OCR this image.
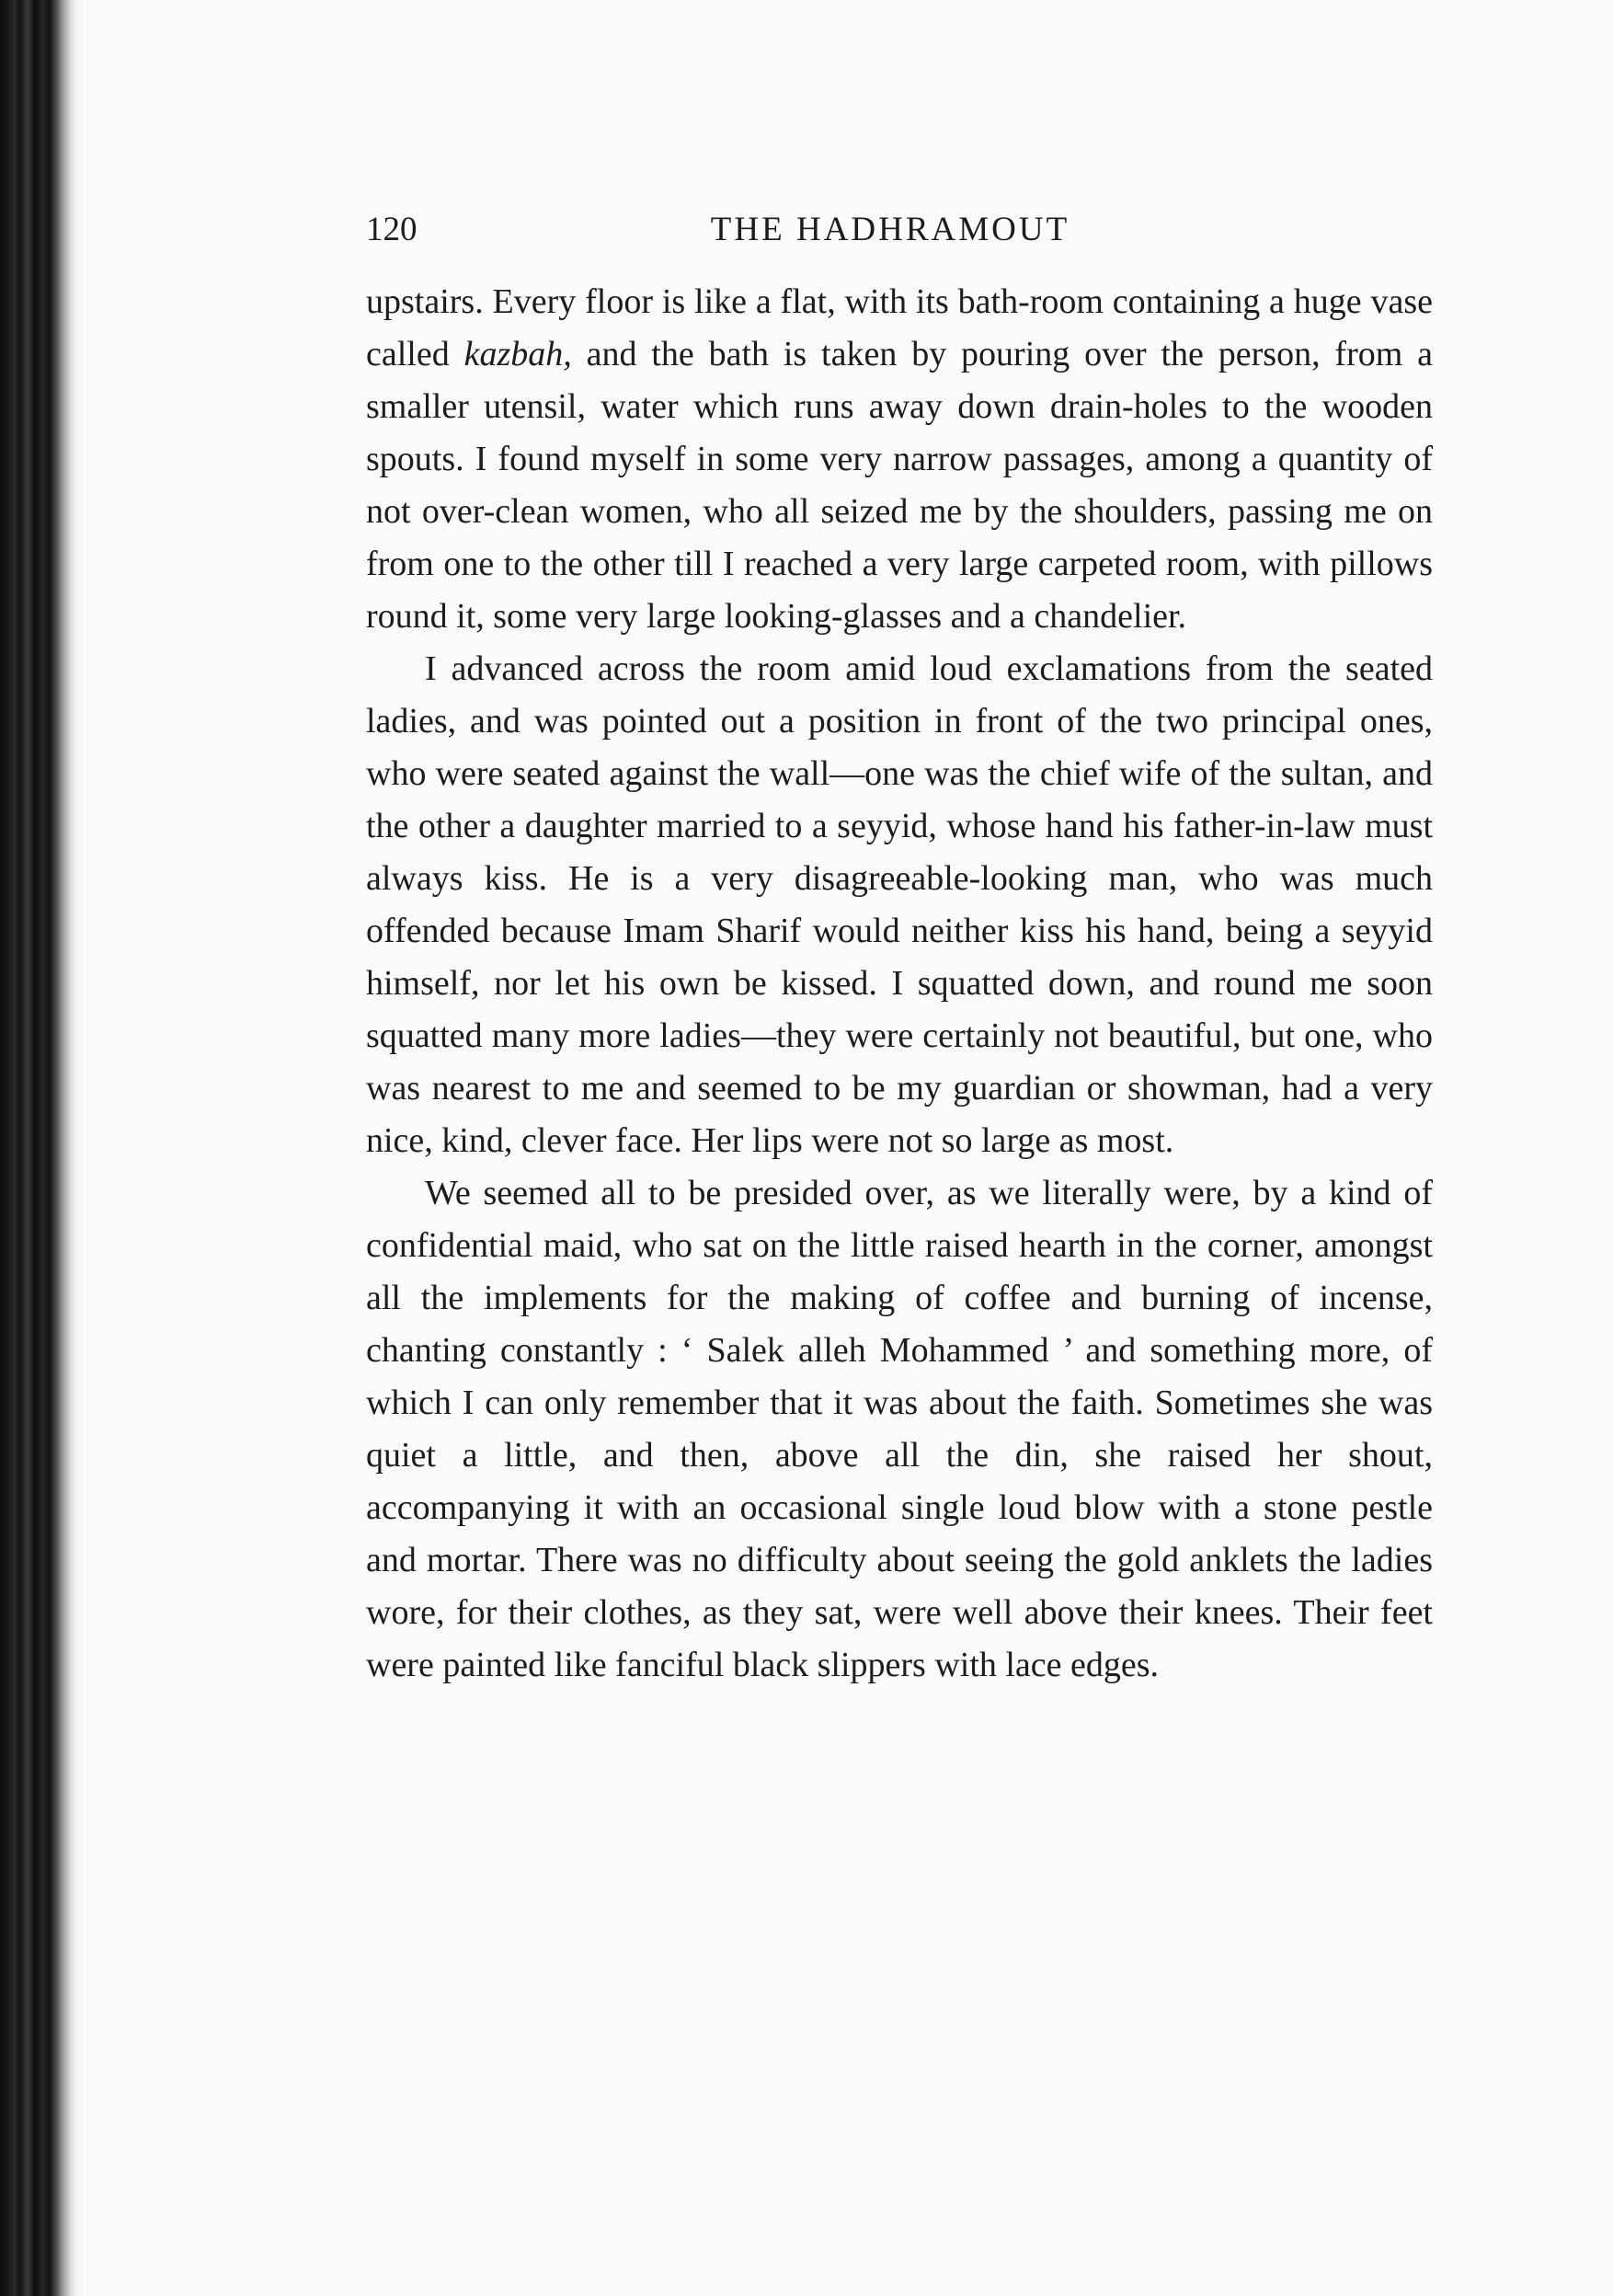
120	THE HADHRAMOUT

upstairs. Every floor is like a flat, with its bath-room containing a huge vase called kazbah, and the bath is taken by pouring over the person, from a smaller utensil, water which runs away down drain-holes to the wooden spouts. I found myself in some very narrow passages, among a quantity of not over-clean women, who all seized me by the shoulders, passing me on from one to the other till I reached a very large carpeted room, with pillows round it, some very large looking-glasses and a chandelier.

I advanced across the room amid loud exclamations from the seated ladies, and was pointed out a position in front of the two principal ones, who were seated against the wall—one was the chief wife of the sultan, and the other a daughter married to a seyyid, whose hand his father-in-law must always kiss. He is a very disagreeable-looking man, who was much offended because Imam Sharif would neither kiss his hand, being a seyyid himself, nor let his own be kissed. I squatted down, and round me soon squatted many more ladies—they were certainly not beautiful, but one, who was nearest to me and seemed to be my guardian or showman, had a very nice, kind, clever face. Her lips were not so large as most.

We seemed all to be presided over, as we literally were, by a kind of confidential maid, who sat on the little raised hearth in the corner, amongst all the implements for the making of coffee and burning of incense, chanting constantly : ‘ Salek alleh Mohammed ’ and something more, of which I can only remember that it was about the faith. Sometimes she was quiet a little, and then, above all the din, she raised her shout, accompanying it with an occasional single loud blow with a stone pestle and mortar. There was no difficulty about seeing the gold anklets the ladies wore, for their clothes, as they sat, were well above their knees. Their feet were painted like fanciful black slippers with lace edges.
